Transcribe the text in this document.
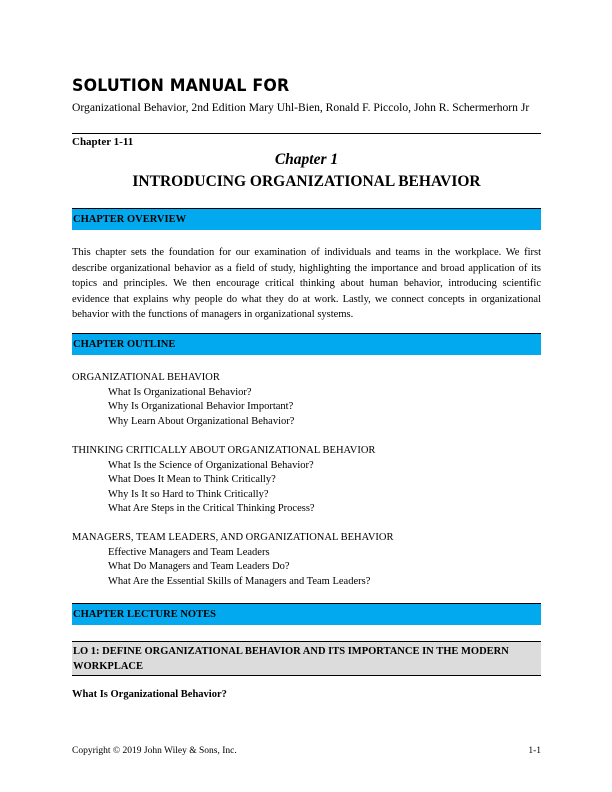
SOLUTION MANUAL FOR
Organizational Behavior, 2nd Edition Mary Uhl-Bien, Ronald F. Piccolo, John R. Schermerhorn Jr
Chapter 1-11
Chapter 1
INTRODUCING ORGANIZATIONAL BEHAVIOR
CHAPTER OVERVIEW
This chapter sets the foundation for our examination of individuals and teams in the workplace. We first describe organizational behavior as a field of study, highlighting the importance and broad application of its topics and principles. We then encourage critical thinking about human behavior, introducing scientific evidence that explains why people do what they do at work. Lastly, we connect concepts in organizational behavior with the functions of managers in organizational systems.
CHAPTER OUTLINE

ORGANIZATIONAL BEHAVIOR

What Is Organizational Behavior?

Why Is Organizational Behavior Important?

Why Learn About Organizational Behavior?

THINKING CRITICALLY ABOUT ORGANIZATIONAL BEHAVIOR

What Is the Science of Organizational Behavior?

What Does It Mean to Think Critically?

Why Is It so Hard to Think Critically?

What Are Steps in the Critical Thinking Process?

MANAGERS, TEAM LEADERS, AND ORGANIZATIONAL BEHAVIOR

Effective Managers and Team Leaders

What Do Managers and Team Leaders Do?

What Are the Essential Skills of Managers and Team Leaders?

CHAPTER LECTURE NOTES
LO 1: DEFINE ORGANIZATIONAL BEHAVIOR AND ITS IMPORTANCE IN THE MODERN WORKPLACE
What Is Organizational Behavior?
Copyright © 2019 John Wiley & Sons, Inc.	1-1
